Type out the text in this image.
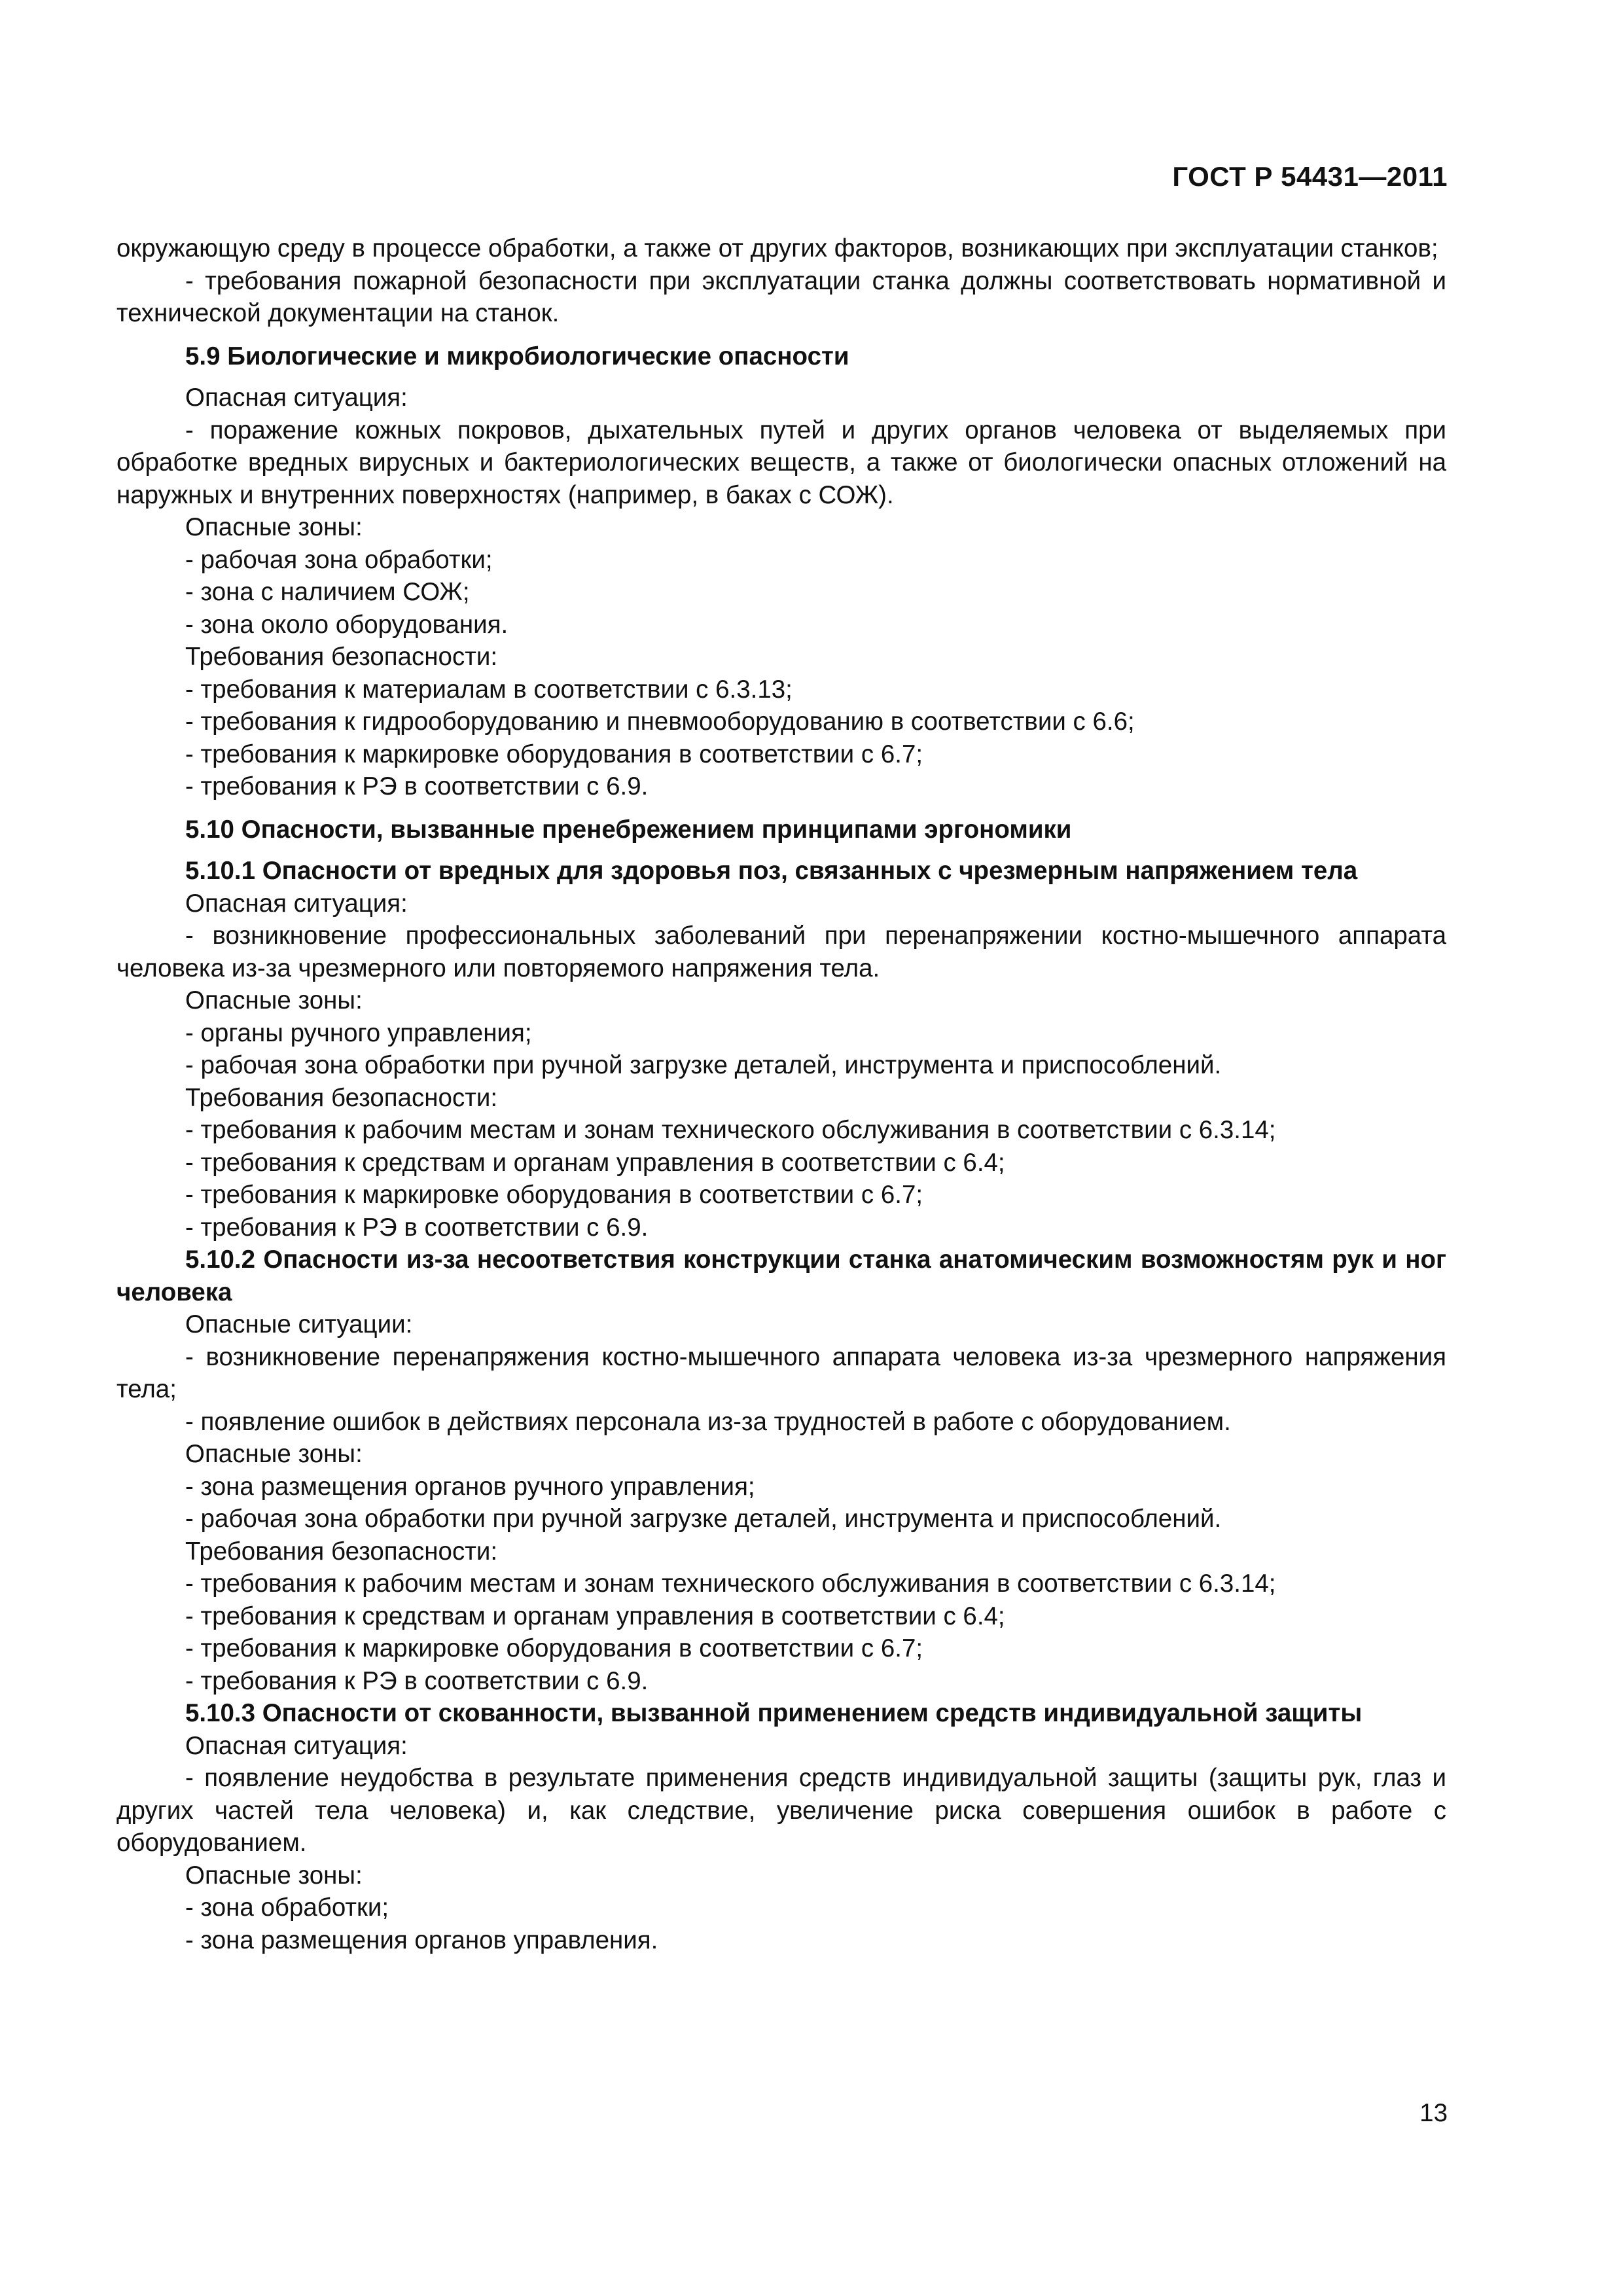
ГОСТ Р 54431—2011

окружающую среду в процессе обработки, а также от других факторов, возникающих при эксплуатации станков;

- требования пожарной безопасности при эксплуатации станка должны соответствовать нормативной и технической документации на станок.

5.9 Биологические и микробиологические опасности

Опасная ситуация:

- поражение кожных покровов, дыхательных путей и других органов человека от выделяемых при обработке вредных вирусных и бактериологических веществ, а также от биологически опасных отложений на наружных и внутренних поверхностях (например, в баках с СОЖ).

Опасные зоны:

- рабочая зона обработки;

- зона с наличием СОЖ;

- зона около оборудования.

Требования безопасности:

- требования к материалам в соответствии с 6.3.13;

- требования к гидрооборудованию и пневмооборудованию в соответствии с 6.6;

- требования к маркировке оборудования в соответствии с 6.7;

- требования к РЭ в соответствии с 6.9.

5.10 Опасности, вызванные пренебрежением принципами эргономики
5.10.1 Опасности от вредных для здоровья поз, связанных с чрезмерным напряжением тела

Опасная ситуация:

- возникновение профессиональных заболеваний при перенапряжении костно-мышечного аппарата человека из-за чрезмерного или повторяемого напряжения тела.

Опасные зоны:

- органы ручного управления;

- рабочая зона обработки при ручной загрузке деталей, инструмента и приспособлений.

Требования безопасности:

- требования к рабочим местам и зонам технического обслуживания в соответствии с 6.3.14;

- требования к средствам и органам управления в соответствии с 6.4;

- требования к маркировке оборудования в соответствии с 6.7;

- требования к РЭ в соответствии с 6.9.

5.10.2 Опасности из-за несоответствия конструкции станка анатомическим возможностям рук и ног человека

Опасные ситуации:

- возникновение перенапряжения костно-мышечного аппарата человека из-за чрезмерного напряжения тела;

- появление ошибок в действиях персонала из-за трудностей в работе с оборудованием.

Опасные зоны:

- зона размещения органов ручного управления;

- рабочая зона обработки при ручной загрузке деталей, инструмента и приспособлений.

Требования безопасности:

- требования к рабочим местам и зонам технического обслуживания в соответствии с 6.3.14;

- требования к средствам и органам управления в соответствии с 6.4;

- требования к маркировке оборудования в соответствии с 6.7;

- требования к РЭ в соответствии с 6.9.

5.10.3 Опасности от скованности, вызванной применением средств индивидуальной защиты

Опасная ситуация:

- появление неудобства в результате применения средств индивидуальной защиты (защиты рук, глаз и других частей тела человека) и, как следствие, увеличение риска совершения ошибок в работе с оборудованием.

Опасные зоны:

- зона обработки;

- зона размещения органов управления.

13
